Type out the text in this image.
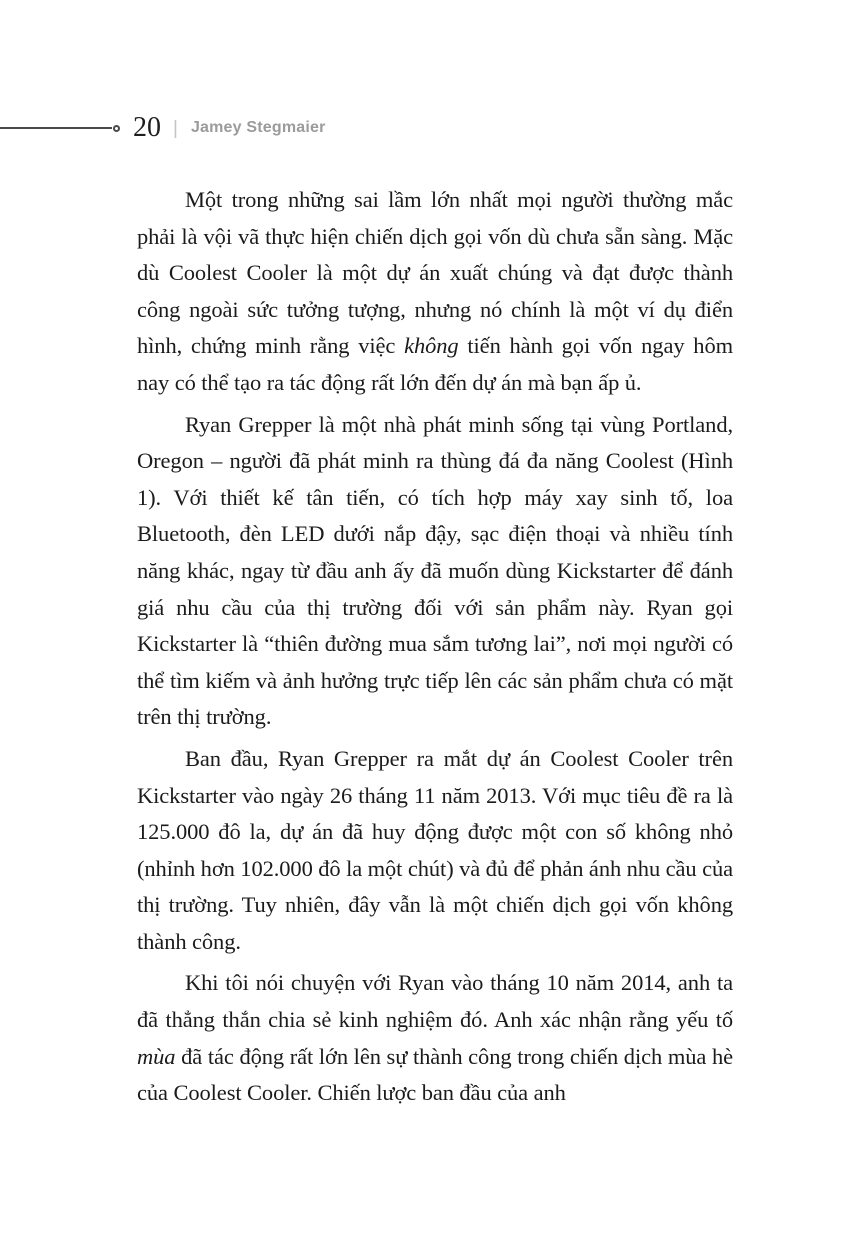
20 | Jamey Stegmaier

Một trong những sai lầm lớn nhất mọi người thường mắc phải là vội vã thực hiện chiến dịch gọi vốn dù chưa sẵn sàng. Mặc dù Coolest Cooler là một dự án xuất chúng và đạt được thành công ngoài sức tưởng tượng, nhưng nó chính là một ví dụ điển hình, chứng minh rằng việc không tiến hành gọi vốn ngay hôm nay có thể tạo ra tác động rất lớn đến dự án mà bạn ấp ủ.

Ryan Grepper là một nhà phát minh sống tại vùng Portland, Oregon – người đã phát minh ra thùng đá đa năng Coolest (Hình 1). Với thiết kế tân tiến, có tích hợp máy xay sinh tố, loa Bluetooth, đèn LED dưới nắp đậy, sạc điện thoại và nhiều tính năng khác, ngay từ đầu anh ấy đã muốn dùng Kickstarter để đánh giá nhu cầu của thị trường đối với sản phẩm này. Ryan gọi Kickstarter là “thiên đường mua sắm tương lai”, nơi mọi người có thể tìm kiếm và ảnh hưởng trực tiếp lên các sản phẩm chưa có mặt trên thị trường.

Ban đầu, Ryan Grepper ra mắt dự án Coolest Cooler trên Kickstarter vào ngày 26 tháng 11 năm 2013. Với mục tiêu đề ra là 125.000 đô la, dự án đã huy động được một con số không nhỏ (nhỉnh hơn 102.000 đô la một chút) và đủ để phản ánh nhu cầu của thị trường. Tuy nhiên, đây vẫn là một chiến dịch gọi vốn không thành công.

Khi tôi nói chuyện với Ryan vào tháng 10 năm 2014, anh ta đã thẳng thắn chia sẻ kinh nghiệm đó. Anh xác nhận rằng yếu tố mùa đã tác động rất lớn lên sự thành công trong chiến dịch mùa hè của Coolest Cooler. Chiến lược ban đầu của anh
